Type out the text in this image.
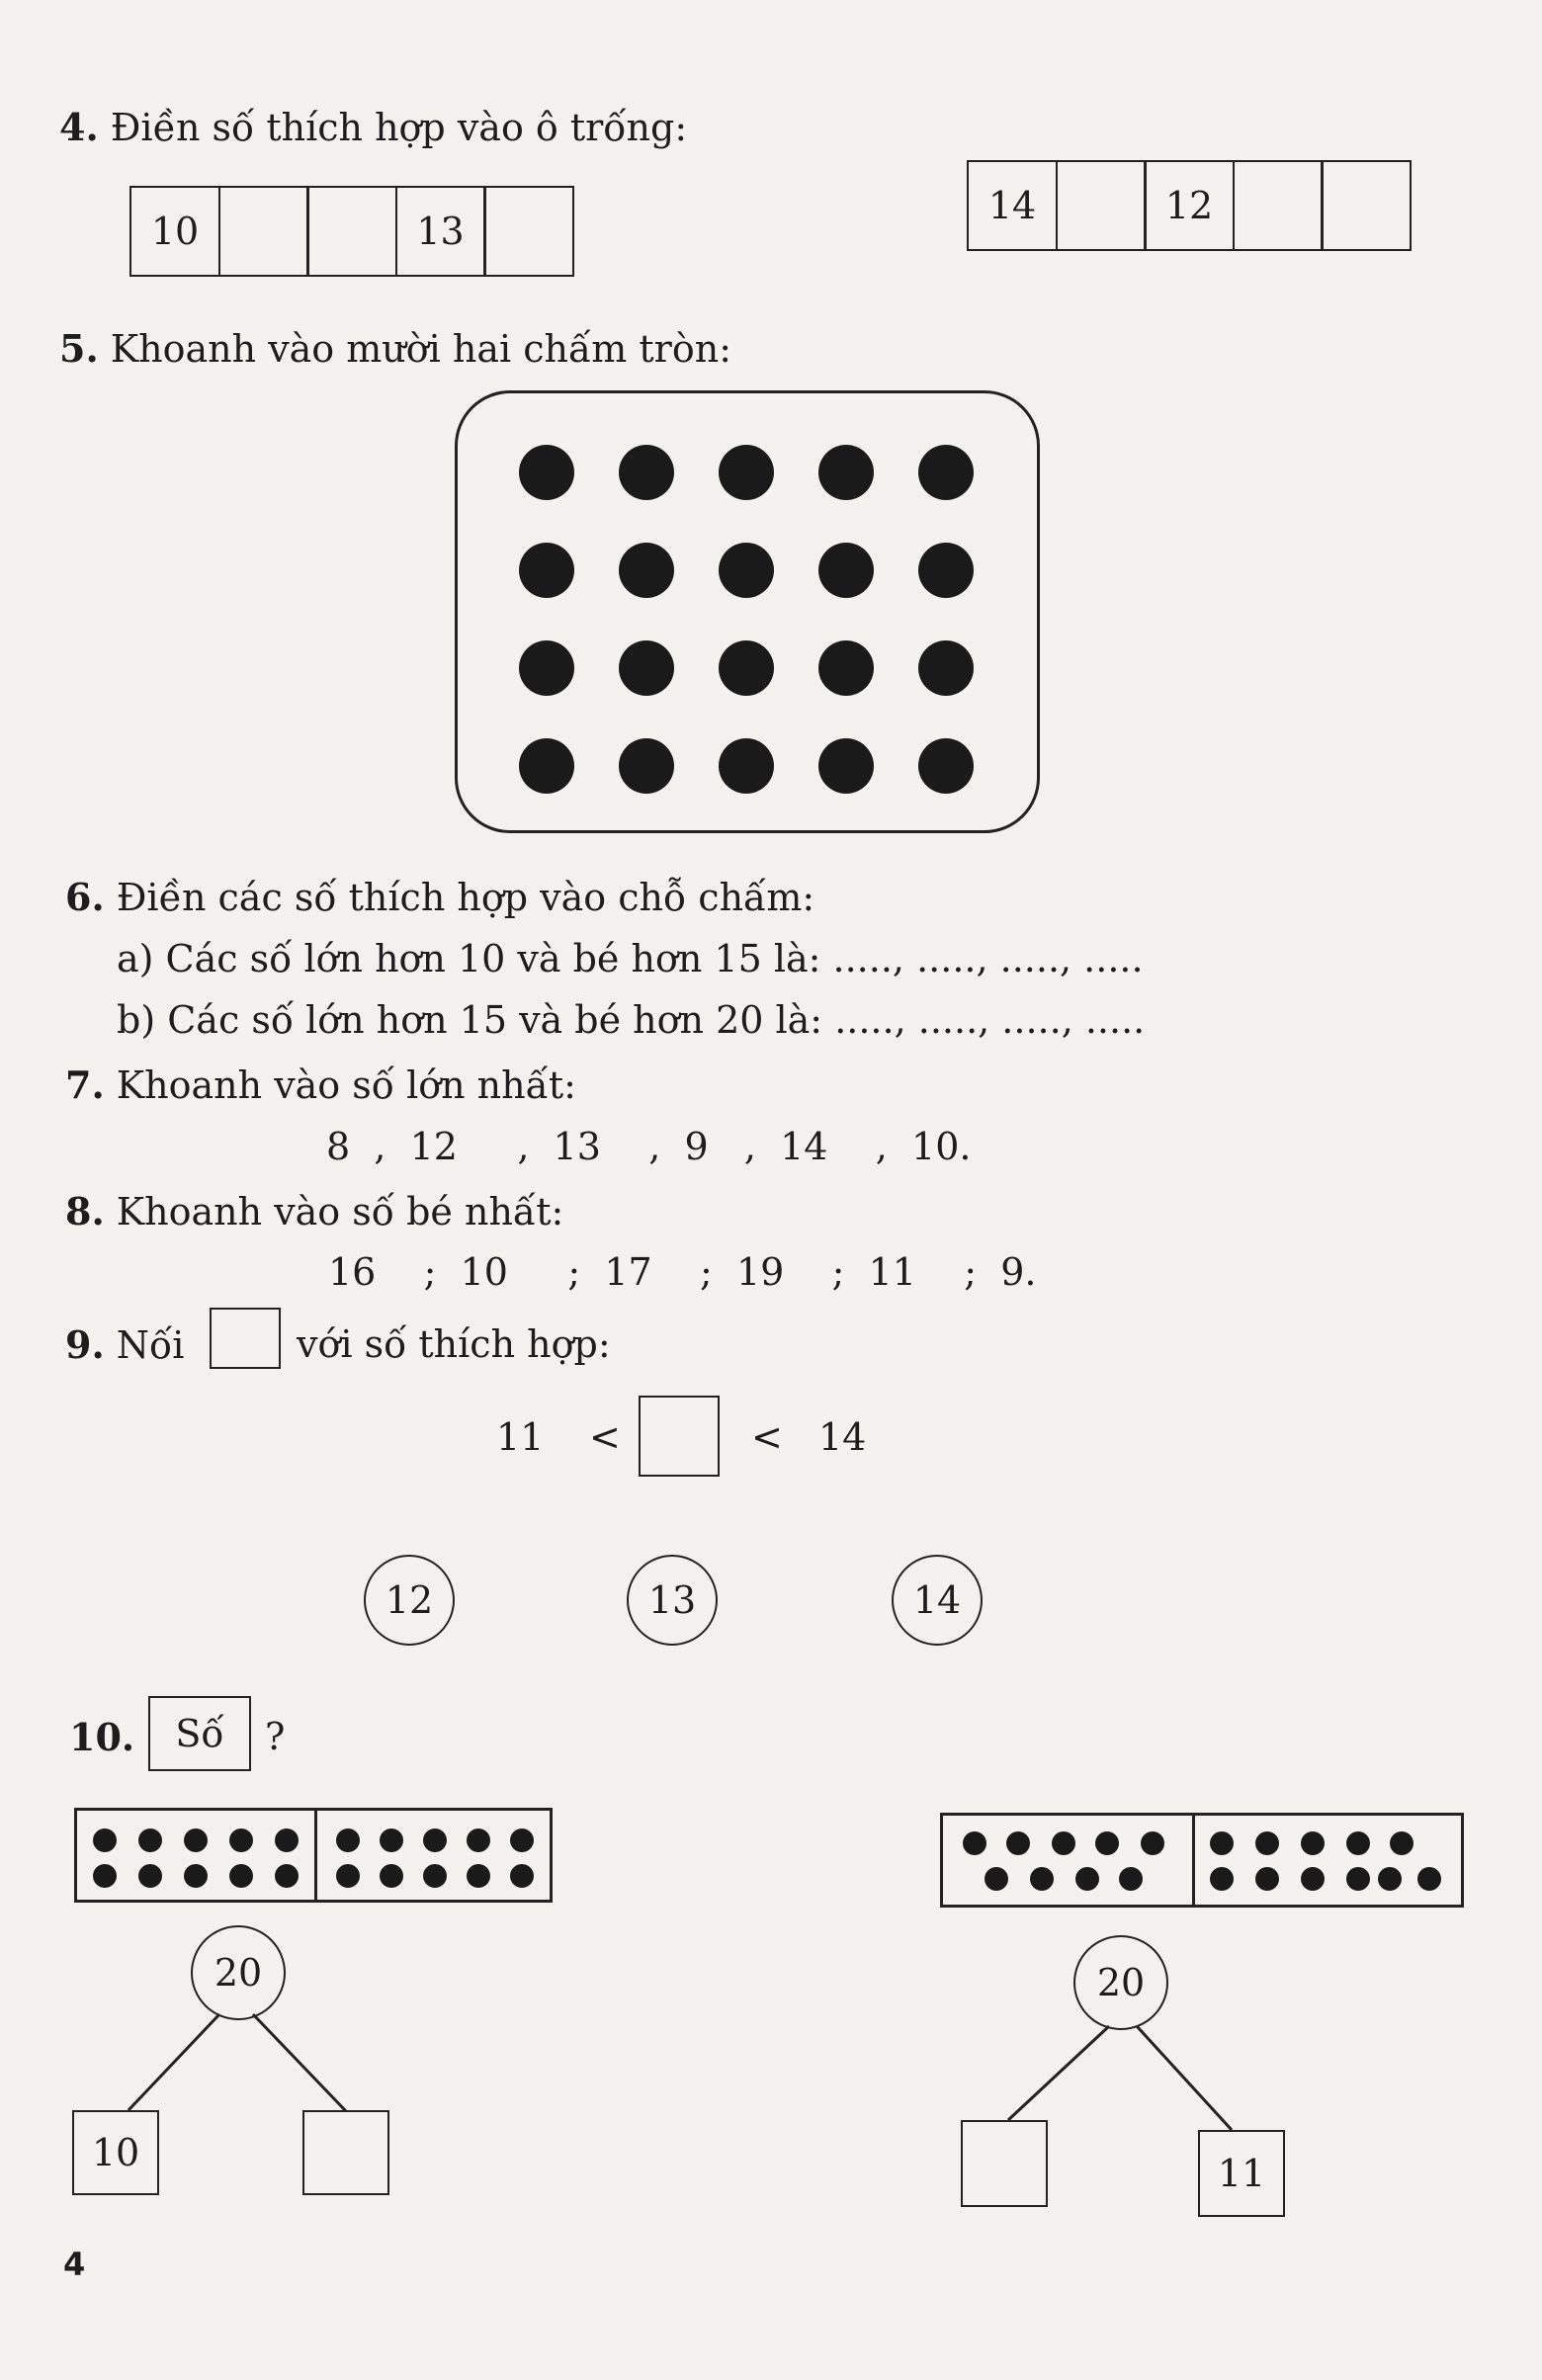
4. Điền số thích hợp vào ô trống:
10	13
14	12
5. Khoanh vào mười hai chấm tròn:
6. Điền các số thích hợp vào chỗ chấm:
a) Các số lớn hơn 10 và bé hơn 15 là: ....., ....., ....., .....
b) Các số lớn hơn 15 và bé hơn 20 là: ....., ....., ....., .....
7. Khoanh vào số lớn nhất:
8  ,  12     ,  13    ,  9   ,  14    ,  10.
8. Khoanh vào số bé nhất:
16    ;  10     ;  17    ;  19    ;  11    ;  9.
9. Nối	với số thích hợp:
11 <	< 14
12	13	14
10.	Số	?
20
10
20
11
4
